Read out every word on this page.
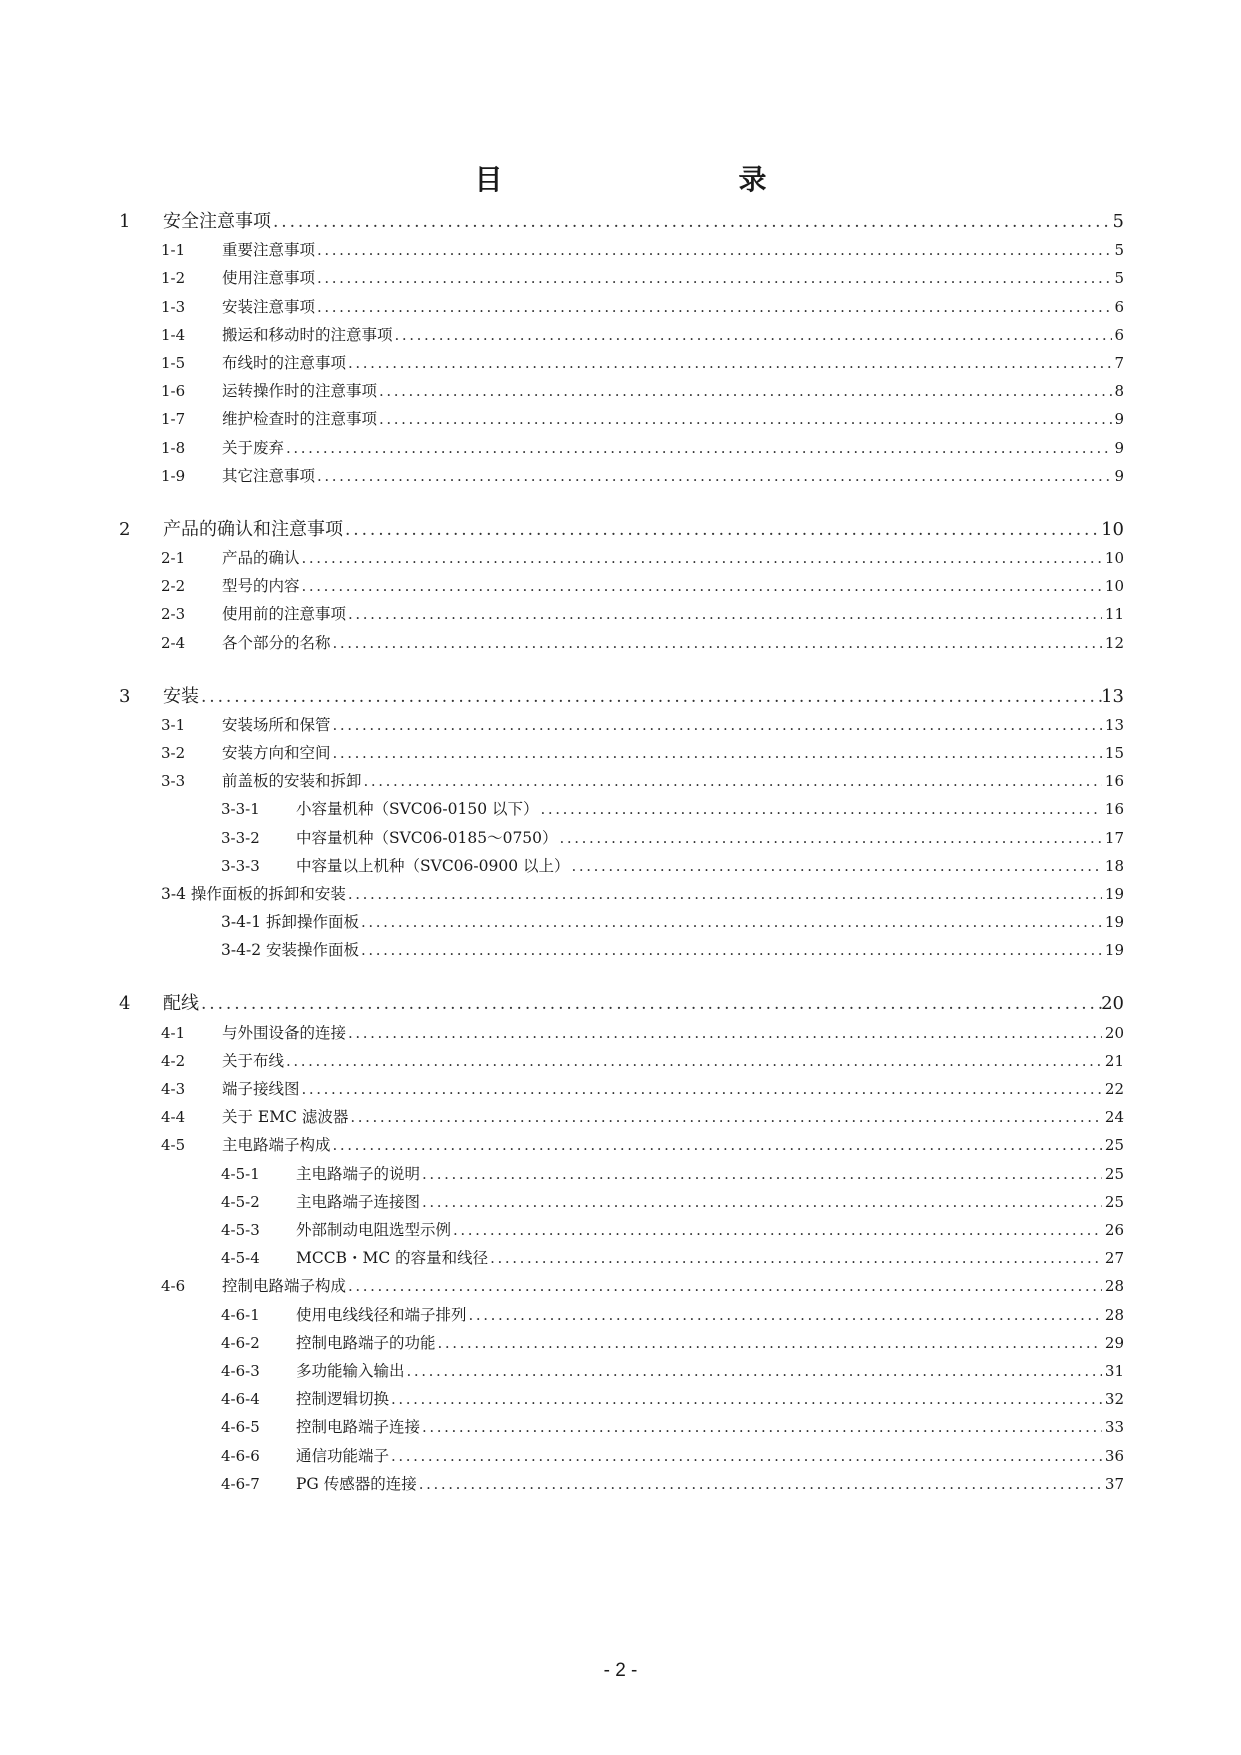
目　　录
1 安全注意事项	5
.....
1-1 重要注意事项	5
.....
1-2 使用注意事项	5
.....
1-3 安装注意事项	6
.....
1-4 搬运和移动时的注意事项	6
.....
1-5 布线时的注意事项	7
.....
1-6 运转操作时的注意事项	8
.....
1-7 维护检查时的注意事项	9
.....
1-8 关于废弃	9
.....
1-9 其它注意事项	9
.....
2 产品的确认和注意事项	10
.....
2-1 产品的确认	10
.....
2-2 型号的内容	10
.....
2-3 使用前的注意事项	11
.....
2-4 各个部分的名称	12
.....
3 安装	13
.....
3-1 安装场所和保管	13
.....
3-2 安装方向和空间	15
.....
3-3 前盖板的安装和拆卸	16
.....
3-3-1 小容量机种（SVC06-0150 以下）	16
.....
3-3-2 中容量机种（SVC06-0185～0750）	17
.....
3-3-3 中容量以上机种（SVC06-0900 以上）	18
.....
3-4 操作面板的拆卸和安装	19
.....
3-4-1 拆卸操作面板	19
.....
3-4-2 安装操作面板	19
.....
4 配线	20
.....
4-1 与外围设备的连接	20
.....
4-2 关于布线	21
.....
4-3 端子接线图	22
.....
4-4 关于 EMC 滤波器	24
.....
4-5 主电路端子构成	25
.....
4-5-1 主电路端子的说明	25
.....
4-5-2 主电路端子连接图	25
.....
4-5-3 外部制动电阻选型示例	26
.....
4-5-4 MCCB・MC 的容量和线径	27
.....
4-6 控制电路端子构成	28
.....
4-6-1 使用电线线径和端子排列	28
.....
4-6-2 控制电路端子的功能	29
.....
4-6-3 多功能输入输出	31
.....
4-6-4 控制逻辑切换	32
.....
4-6-5 控制电路端子连接	33
.....
4-6-6 通信功能端子	36
.....
4-6-7 PG 传感器的连接	37
.....
- 2 -
